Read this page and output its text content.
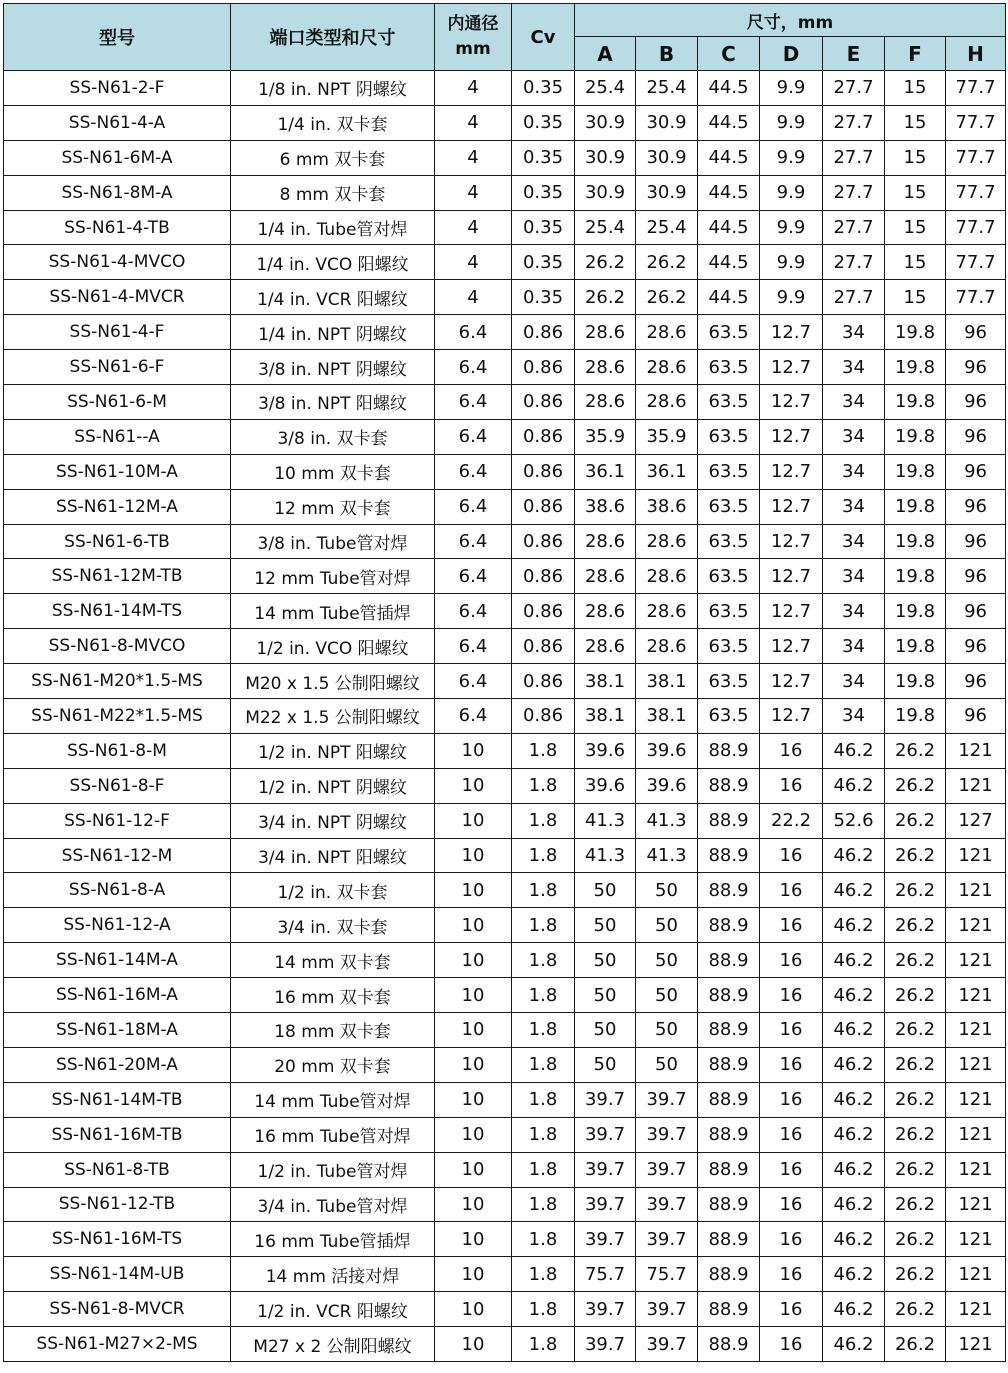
型号	端口类型和尺寸	内通径
mm	Cv	尺寸，mm						
				A	B	C	D	E	F	H
SS-N61-2-F	1/8 in. NPT 阴螺纹	4	0.35	25.4	25.4	44.5	9.9	27.7	15	77.7
SS-N61-4-A	1/4 in. 双卡套	4	0.35	30.9	30.9	44.5	9.9	27.7	15	77.7
SS-N61-6M-A	6 mm 双卡套	4	0.35	30.9	30.9	44.5	9.9	27.7	15	77.7
SS-N61-8M-A	8 mm 双卡套	4	0.35	30.9	30.9	44.5	9.9	27.7	15	77.7
SS-N61-4-TB	1/4 in. Tube管对焊	4	0.35	25.4	25.4	44.5	9.9	27.7	15	77.7
SS-N61-4-MVCO	1/4 in. VCO 阳螺纹	4	0.35	26.2	26.2	44.5	9.9	27.7	15	77.7
SS-N61-4-MVCR	1/4 in. VCR 阳螺纹	4	0.35	26.2	26.2	44.5	9.9	27.7	15	77.7
SS-N61-4-F	1/4 in. NPT 阴螺纹	6.4	0.86	28.6	28.6	63.5	12.7	34	19.8	96
SS-N61-6-F	3/8 in. NPT 阴螺纹	6.4	0.86	28.6	28.6	63.5	12.7	34	19.8	96
SS-N61-6-M	3/8 in. NPT 阳螺纹	6.4	0.86	28.6	28.6	63.5	12.7	34	19.8	96
SS-N61--A	3/8 in. 双卡套	6.4	0.86	35.9	35.9	63.5	12.7	34	19.8	96
SS-N61-10M-A	10 mm 双卡套	6.4	0.86	36.1	36.1	63.5	12.7	34	19.8	96
SS-N61-12M-A	12 mm 双卡套	6.4	0.86	38.6	38.6	63.5	12.7	34	19.8	96
SS-N61-6-TB	3/8 in. Tube管对焊	6.4	0.86	28.6	28.6	63.5	12.7	34	19.8	96
SS-N61-12M-TB	12 mm Tube管对焊	6.4	0.86	28.6	28.6	63.5	12.7	34	19.8	96
SS-N61-14M-TS	14 mm Tube管插焊	6.4	0.86	28.6	28.6	63.5	12.7	34	19.8	96
SS-N61-8-MVCO	1/2 in. VCO 阳螺纹	6.4	0.86	28.6	28.6	63.5	12.7	34	19.8	96
SS-N61-M20*1.5-MS	M20 x 1.5 公制阳螺纹	6.4	0.86	38.1	38.1	63.5	12.7	34	19.8	96
SS-N61-M22*1.5-MS	M22 x 1.5 公制阳螺纹	6.4	0.86	38.1	38.1	63.5	12.7	34	19.8	96
SS-N61-8-M	1/2 in. NPT 阳螺纹	10	1.8	39.6	39.6	88.9	16	46.2	26.2	121
SS-N61-8-F	1/2 in. NPT 阴螺纹	10	1.8	39.6	39.6	88.9	16	46.2	26.2	121
SS-N61-12-F	3/4 in. NPT 阴螺纹	10	1.8	41.3	41.3	88.9	22.2	52.6	26.2	127
SS-N61-12-M	3/4 in. NPT 阳螺纹	10	1.8	41.3	41.3	88.9	16	46.2	26.2	121
SS-N61-8-A	1/2 in. 双卡套	10	1.8	50	50	88.9	16	46.2	26.2	121
SS-N61-12-A	3/4 in. 双卡套	10	1.8	50	50	88.9	16	46.2	26.2	121
SS-N61-14M-A	14 mm 双卡套	10	1.8	50	50	88.9	16	46.2	26.2	121
SS-N61-16M-A	16 mm 双卡套	10	1.8	50	50	88.9	16	46.2	26.2	121
SS-N61-18M-A	18 mm 双卡套	10	1.8	50	50	88.9	16	46.2	26.2	121
SS-N61-20M-A	20 mm 双卡套	10	1.8	50	50	88.9	16	46.2	26.2	121
SS-N61-14M-TB	14 mm Tube管对焊	10	1.8	39.7	39.7	88.9	16	46.2	26.2	121
SS-N61-16M-TB	16 mm Tube管对焊	10	1.8	39.7	39.7	88.9	16	46.2	26.2	121
SS-N61-8-TB	1/2 in. Tube管对焊	10	1.8	39.7	39.7	88.9	16	46.2	26.2	121
SS-N61-12-TB	3/4 in. Tube管对焊	10	1.8	39.7	39.7	88.9	16	46.2	26.2	121
SS-N61-16M-TS	16 mm Tube管插焊	10	1.8	39.7	39.7	88.9	16	46.2	26.2	121
SS-N61-14M-UB	14 mm 活接对焊	10	1.8	75.7	75.7	88.9	16	46.2	26.2	121
SS-N61-8-MVCR	1/2 in. VCR 阳螺纹	10	1.8	39.7	39.7	88.9	16	46.2	26.2	121
SS-N61-M27×2-MS	M27 x 2 公制阳螺纹	10	1.8	39.7	39.7	88.9	16	46.2	26.2	121
